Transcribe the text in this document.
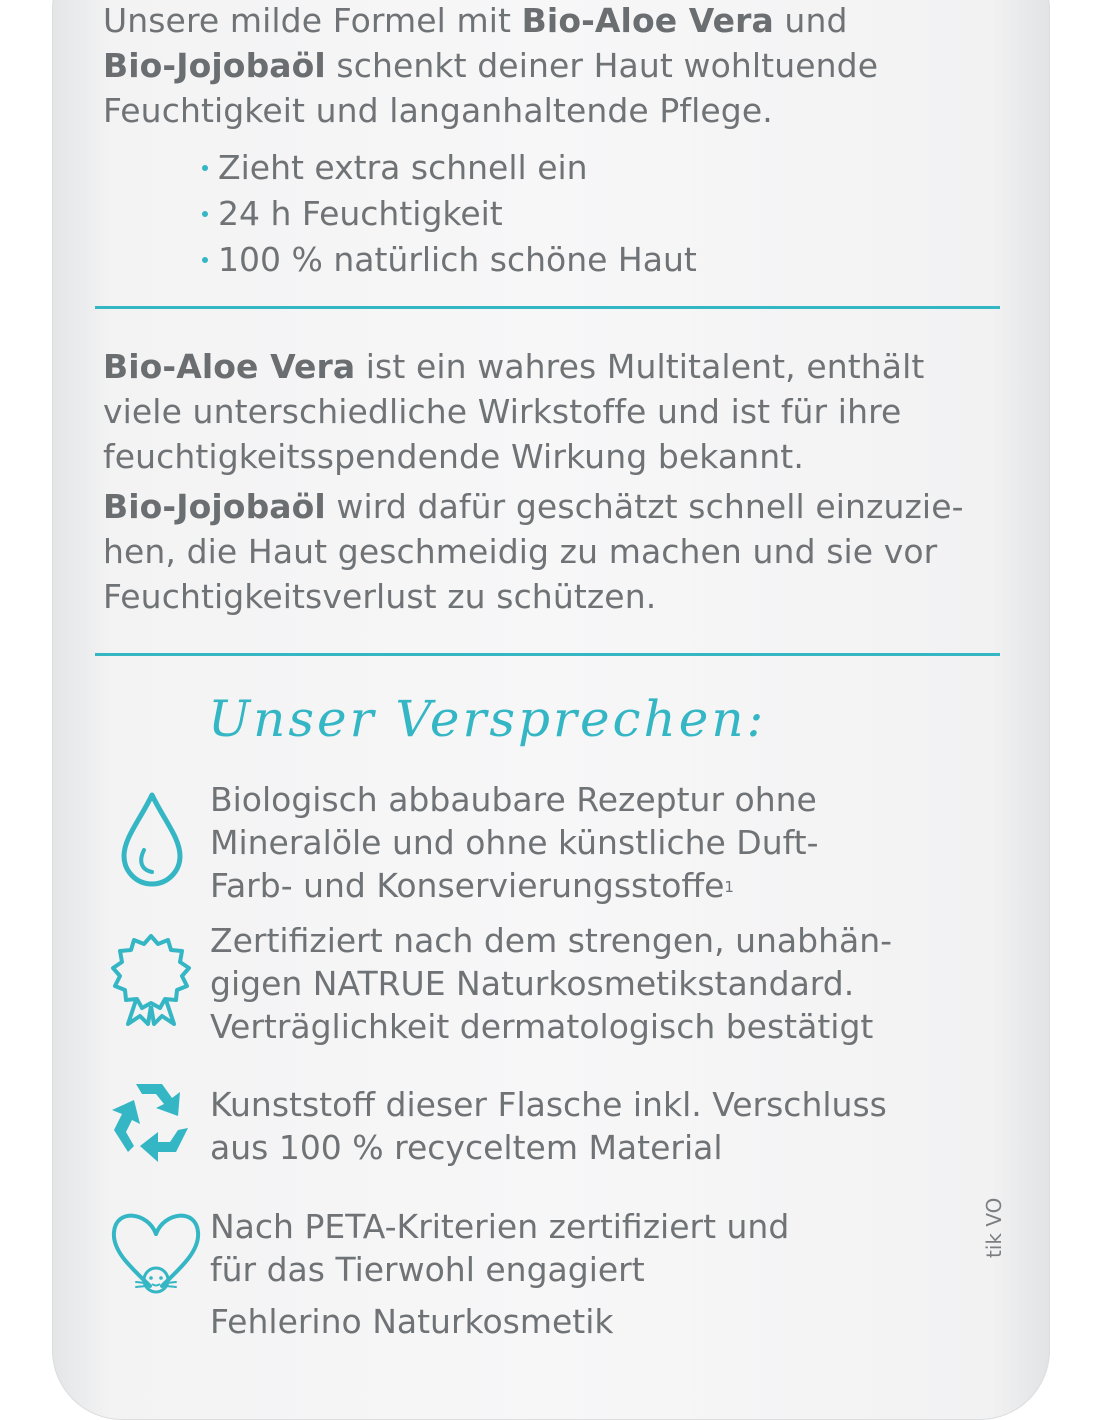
Unsere milde Formel mit Bio-Aloe Vera und
Bio-Jojobaöl schenkt deiner Haut wohltuende
Feuchtigkeit und langanhaltende Pflege.

Zieht extra schnell ein
24 h Feuchtigkeit
100 % natürlich schöne Haut

Bio-Aloe Vera ist ein wahres Multitalent, enthält
viele unterschiedliche Wirkstoffe und ist für ihre
feuchtigkeitsspendende Wirkung bekannt.

Bio-Jojobaöl wird dafür geschätzt schnell einzuzie-
hen, die Haut geschmeidig zu machen und sie vor
Feuchtigkeitsverlust zu schützen.

Unser Versprechen:

Biologisch abbaubare Rezeptur ohne
Mineralöle und ohne künstliche Duft-
Farb- und Konservierungsstoffe$^1$

Zertifiziert nach dem strengen, unabhän-
gigen NATRUE Naturkosmetikstandard.
Verträglichkeit dermatologisch bestätigt

Kunststoff dieser Flasche inkl. Verschluss
aus 100 % recyceltem Material

Nach PETA-Kriterien zertifiziert und
für das Tierwohl engagiert

Fehlerino Naturkosmetik
tik VO
